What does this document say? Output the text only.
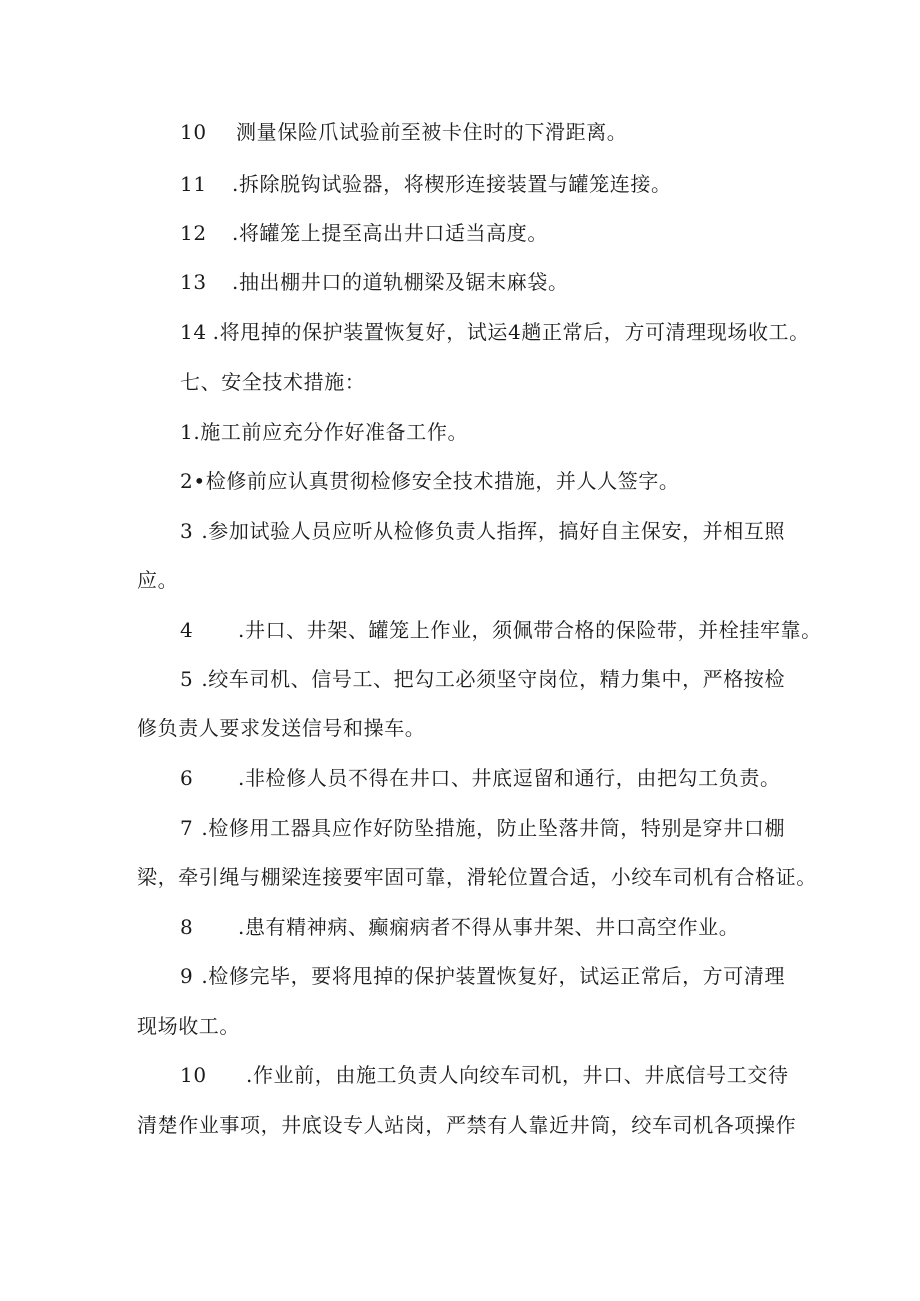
10 测量保险爪试验前至被卡住时的下滑距离。
11 .拆除脱钩试验器，将楔形连接装置与罐笼连接。
12 .将罐笼上提至高出井口适当高度。
13 .抽出棚井口的道轨棚梁及锯末麻袋。
14 .将甩掉的保护装置恢复好，试运4趟正常后，方可清理现场收工。
七、安全技术措施：
1.施工前应充分作好准备工作。
2•检修前应认真贯彻检修安全技术措施，并人人签字。
3 .参加试验人员应听从检修负责人指挥，搞好自主保安，并相互照
应。
4 .井口、井架、罐笼上作业，须佩带合格的保险带，并栓挂牢靠。
5 .绞车司机、信号工、把勾工必须坚守岗位，精力集中，严格按检
修负责人要求发送信号和操车。
6 .非检修人员不得在井口、井底逗留和通行，由把勾工负责。
7 .检修用工器具应作好防坠措施，防止坠落井筒，特别是穿井口棚
梁，牵引绳与棚梁连接要牢固可靠，滑轮位置合适，小绞车司机有合格证。
8 .患有精神病、癫痫病者不得从事井架、井口高空作业。
9 .检修完毕，要将甩掉的保护装置恢复好，试运正常后，方可清理
现场收工。
10 .作业前，由施工负责人向绞车司机，井口、井底信号工交待
清楚作业事项，井底设专人站岗，严禁有人靠近井筒，绞车司机各项操作
